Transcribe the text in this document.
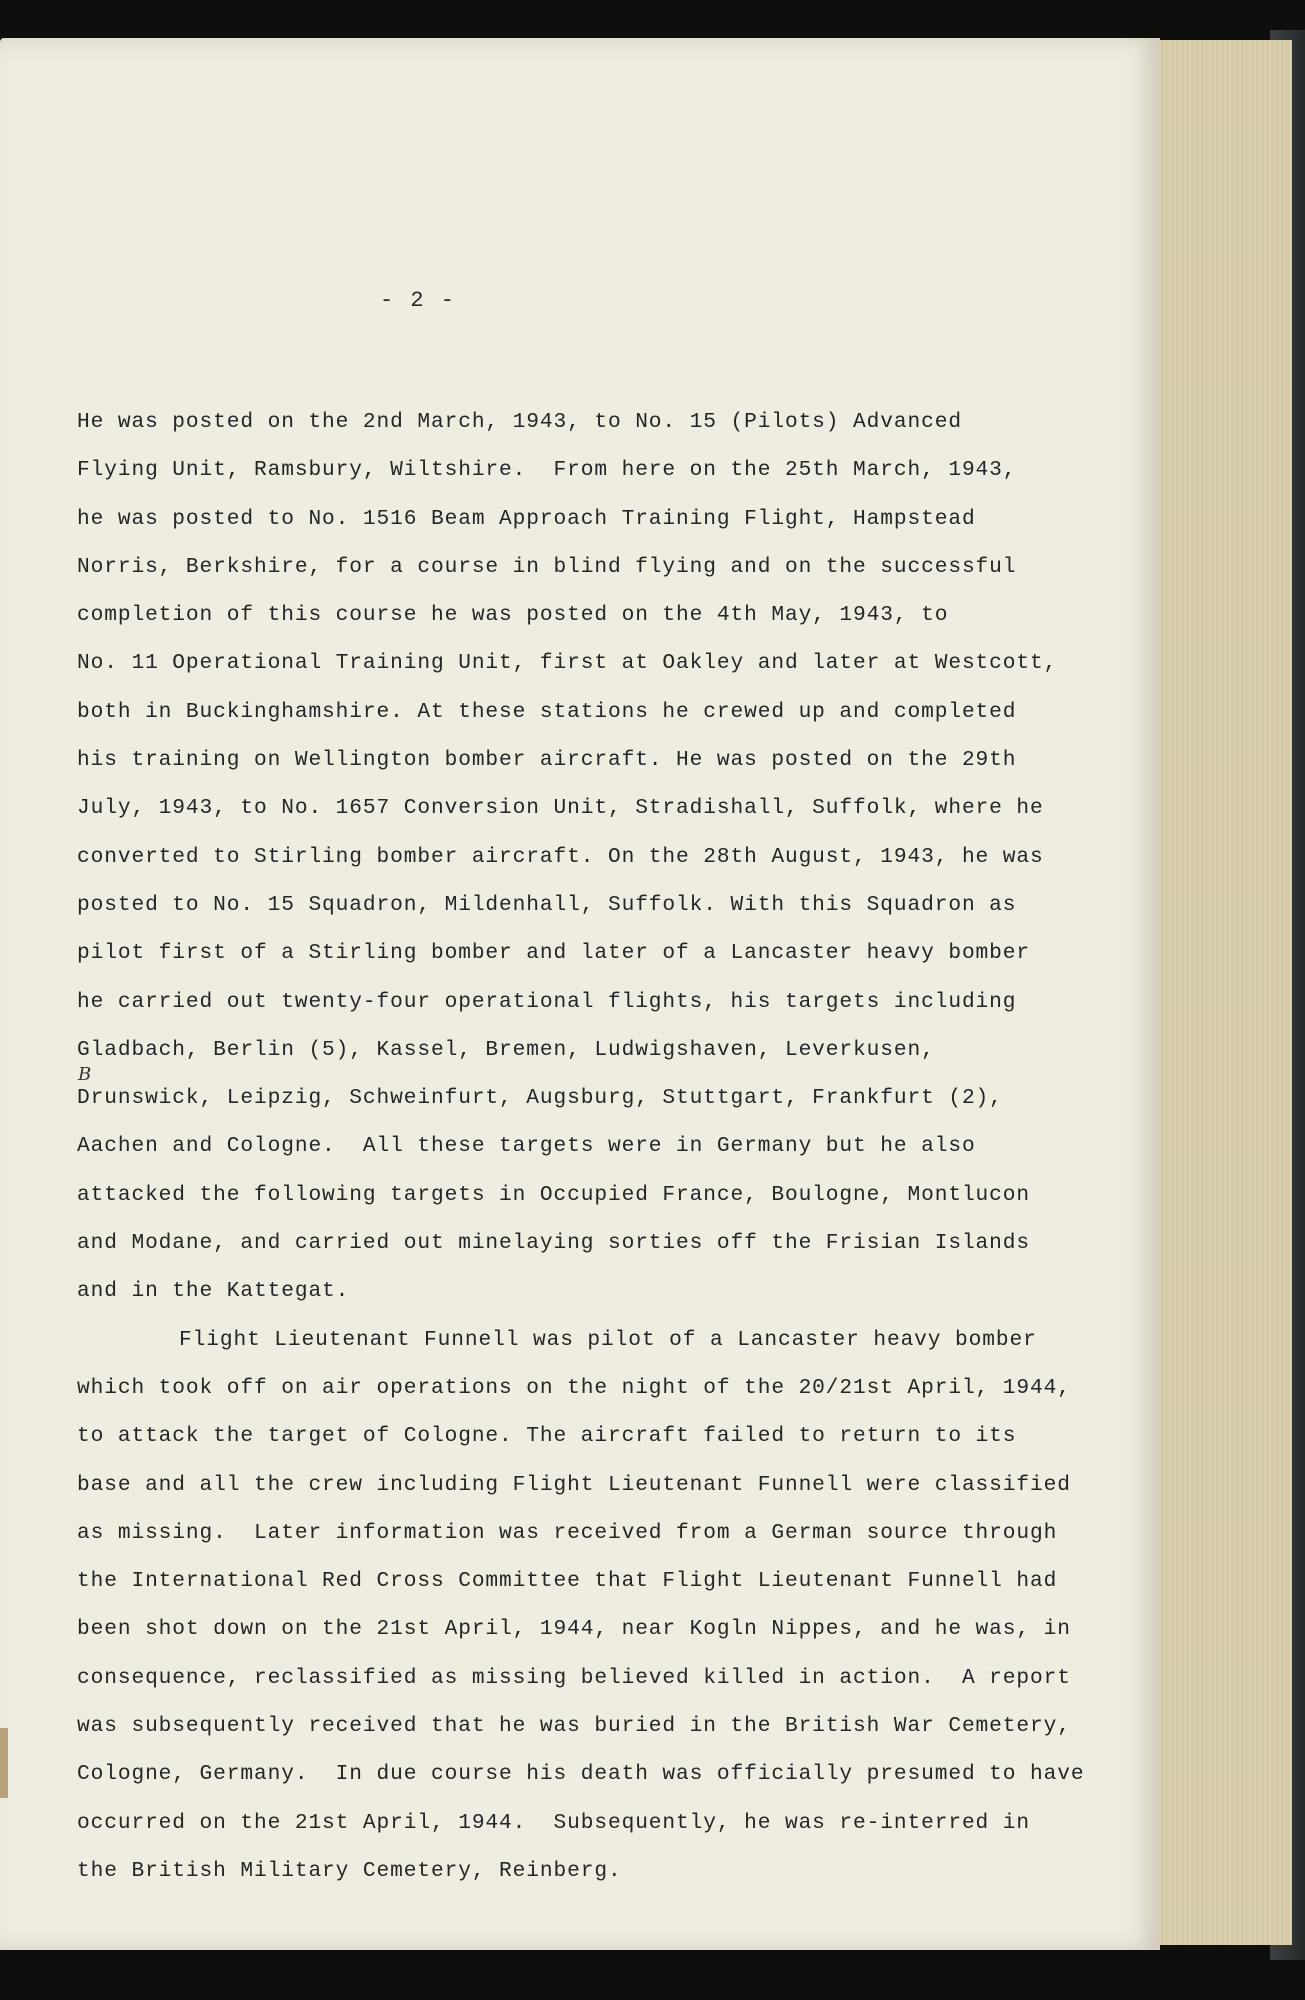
- 2 -
B
He was posted on the 2nd March, 1943, to No. 15 (Pilots) Advanced
Flying Unit, Ramsbury, Wiltshire.  From here on the 25th March, 1943,
he was posted to No. 1516 Beam Approach Training Flight, Hampstead
Norris, Berkshire, for a course in blind flying and on the successful
completion of this course he was posted on the 4th May, 1943, to
No. 11 Operational Training Unit, first at Oakley and later at Westcott,
both in Buckinghamshire. At these stations he crewed up and completed
his training on Wellington bomber aircraft. He was posted on the 29th
July, 1943, to No. 1657 Conversion Unit, Stradishall, Suffolk, where he
converted to Stirling bomber aircraft. On the 28th August, 1943, he was
posted to No. 15 Squadron, Mildenhall, Suffolk. With this Squadron as
pilot first of a Stirling bomber and later of a Lancaster heavy bomber
he carried out twenty-four operational flights, his targets including
Gladbach, Berlin (5), Kassel, Bremen, Ludwigshaven, Leverkusen,
Drunswick, Leipzig, Schweinfurt, Augsburg, Stuttgart, Frankfurt (2),
Aachen and Cologne.  All these targets were in Germany but he also
attacked the following targets in Occupied France, Boulogne, Montlucon
and Modane, and carried out minelaying sorties off the Frisian Islands
and in the Kattegat.
Flight Lieutenant Funnell was pilot of a Lancaster heavy bomber
which took off on air operations on the night of the 20/21st April, 1944,
to attack the target of Cologne. The aircraft failed to return to its
base and all the crew including Flight Lieutenant Funnell were classified
as missing.  Later information was received from a German source through
the International Red Cross Committee that Flight Lieutenant Funnell had
been shot down on the 21st April, 1944, near Kogln Nippes, and he was, in
consequence, reclassified as missing believed killed in action.  A report
was subsequently received that he was buried in the British War Cemetery,
Cologne, Germany.  In due course his death was officially presumed to have
occurred on the 21st April, 1944.  Subsequently, he was re-interred in
the British Military Cemetery, Reinberg.
